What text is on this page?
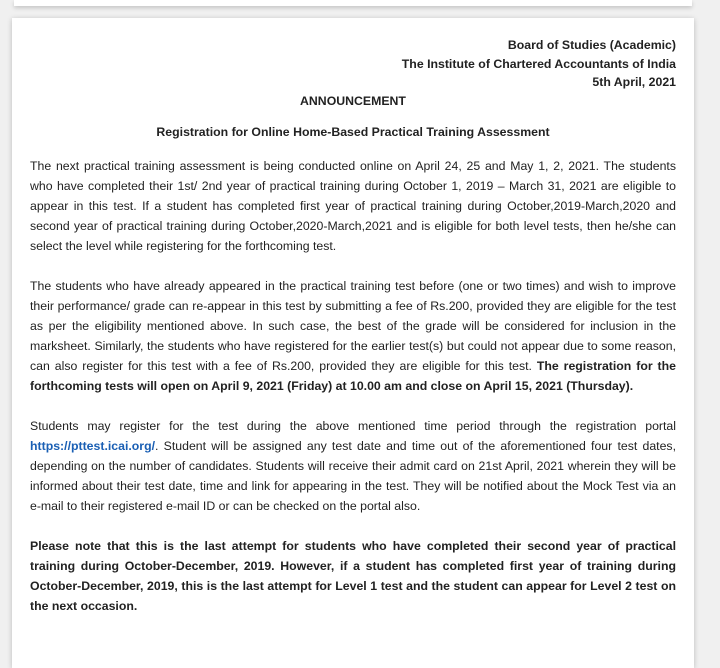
Board of Studies (Academic)
The Institute of Chartered Accountants of India
5th April, 2021
ANNOUNCEMENT
Registration for Online Home-Based Practical Training Assessment

The next practical training assessment is being conducted online on April 24, 25 and May 1, 2, 2021. The students who have completed their 1st/ 2nd year of practical training during October 1, 2019 – March 31, 2021 are eligible to appear in this test. If a student has completed first year of practical training during October,2019-March,2020 and second year of practical training during October,2020-March,2021 and is eligible for both level tests, then he/she can select the level while registering for the forthcoming test.

The students who have already appeared in the practical training test before (one or two times) and wish to improve their performance/ grade can re-appear in this test by submitting a fee of Rs.200, provided they are eligible for the test as per the eligibility mentioned above. In such case, the best of the grade will be considered for inclusion in the marksheet. Similarly, the students who have registered for the earlier test(s) but could not appear due to some reason, can also register for this test with a fee of Rs.200, provided they are eligible for this test. The registration for the forthcoming tests will open on April 9, 2021 (Friday) at 10.00 am and close on April 15, 2021 (Thursday).

Students may register for the test during the above mentioned time period through the registration portal https://pttest.icai.org/. Student will be assigned any test date and time out of the aforementioned four test dates, depending on the number of candidates. Students will receive their admit card on 21st April, 2021 wherein they will be informed about their test date, time and link for appearing in the test. They will be notified about the Mock Test via an e-mail to their registered e-mail ID or can be checked on the portal also.

Please note that this is the last attempt for students who have completed their second year of practical training during October-December, 2019. However, if a student has completed first year of training during October-December, 2019, this is the last attempt for Level 1 test and the student can appear for Level 2 test on the next occasion.
